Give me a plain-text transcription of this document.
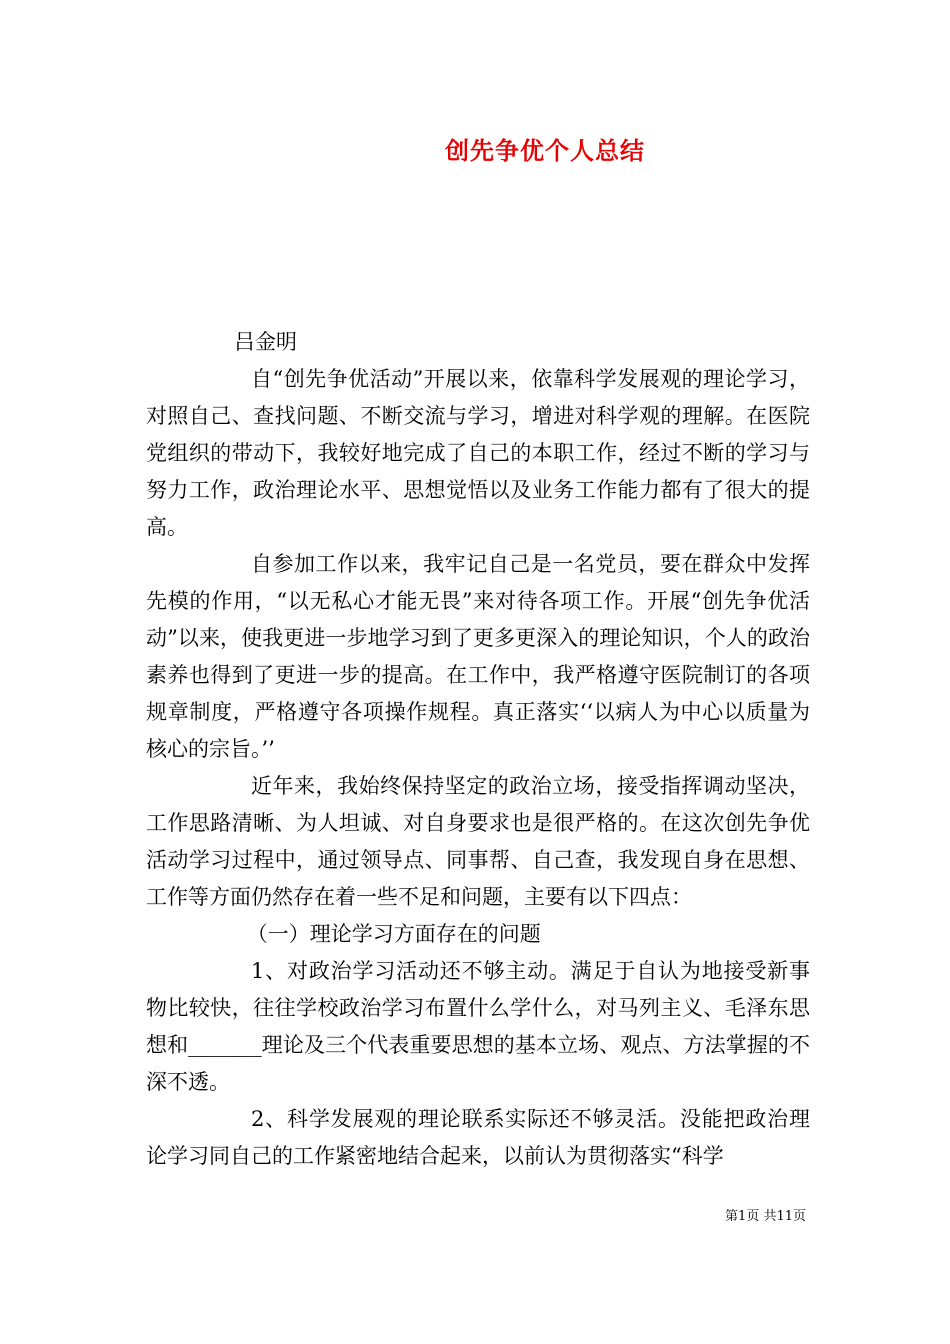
创先争优个人总结
吕金明

自“创先争优活动”开展以来，依靠科学发展观的理论学习，对照自己、查找问题、不断交流与学习，增进对科学观的理解。在医院党组织的带动下，我较好地完成了自己的本职工作，经过不断的学习与努力工作，政治理论水平、思想觉悟以及业务工作能力都有了很大的提高。

自参加工作以来，我牢记自己是一名党员，要在群众中发挥先模的作用，“以无私心才能无畏”来对待各项工作。开展“创先争优活动”以来，使我更进一步地学习到了更多更深入的理论知识，个人的政治素养也得到了更进一步的提高。在工作中，我严格遵守医院制订的各项规章制度，严格遵守各项操作规程。真正落实‘‘以病人为中心以质量为核心的宗旨。’’

近年来，我始终保持坚定的政治立场，接受指挥调动坚决，工作思路清晰、为人坦诚、对自身要求也是很严格的。在这次创先争优活动学习过程中，通过领导点、同事帮、自己查，我发现自身在思想、工作等方面仍然存在着一些不足和问题，主要有以下四点：

（一）理论学习方面存在的问题

1、对政治学习活动还不够主动。满足于自认为地接受新事物比较快，往往学校政治学习布置什么学什么，对马列主义、毛泽东思想和_______理论及三个代表重要思想的基本立场、观点、方法掌握的不深不透。

2、科学发展观的理论联系实际还不够灵活。没能把政治理论学习同自己的工作紧密地结合起来，以前认为贯彻落实“科学

第1页 共11页
